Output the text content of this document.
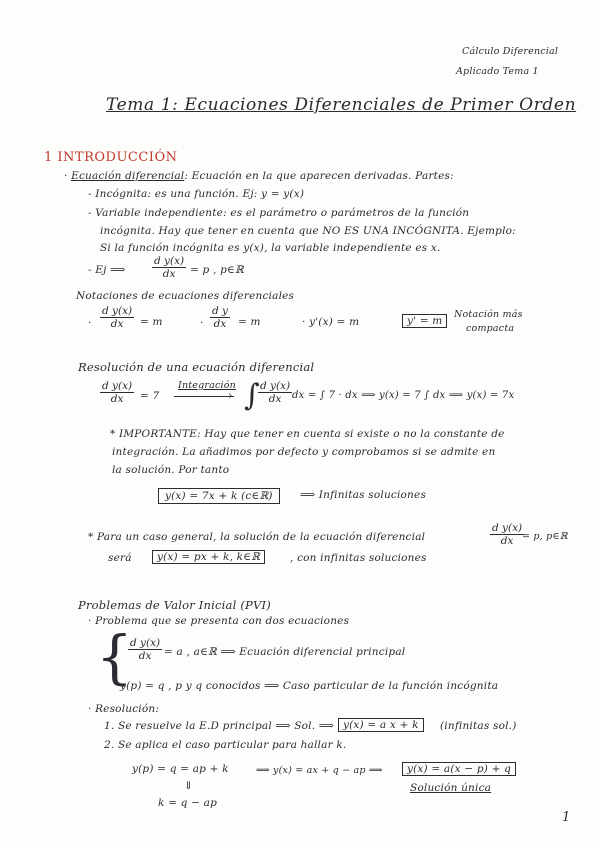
Cálculo Diferencial
Aplicado Tema 1
Tema 1: Ecuaciones Diferenciales de Primer Orden
1 INTRODUCCIÓN
· Ecuación diferencial: Ecuación en la que aparecen derivadas. Partes:
- Incógnita: es una función. Ej: y = y(x)
- Variable independiente: es el parámetro o parámetros de la función
incógnita. Hay que tener en cuenta que NO ES UNA INCÓGNITA. Ejemplo:
Si la función incógnita es y(x), la variable independiente es x.
- Ej ⟹	$\frac{\text{d y(x)}}{dx} = p$ , p∈ℝ
Notaciones de ecuaciones diferenciales
· $\frac{\text{d y(x)}}{dx} = m$	· $\frac{\text{d y}}{dx} = m$	· y'(x) = m	y' = m
Notación más
compacta
Resolución de una ecuación diferencial
$\frac{\text{d y(x)}}{dx} = 7$
Integración
› ∫
$\frac{\text{d y(x)}}{dx}$ dx = ∫ 7 · dx ⟹ y(x) = 7 ∫ dx ⟹ y(x) = 7x
* IMPORTANTE: Hay que tener en cuenta si existe o no la constante de
integración. La añadimos por defecto y comprobamos si se admite en
la solución. Por tanto
y(x) = 7x + k (c∈ℝ)	⟹ Infinitas soluciones
* Para un caso general, la solución de la ecuación diferencial	$\frac{\text{d y(x)}}{dx}$
= p, p∈ℝ
será	y(x) = px + k, k∈ℝ	, con infinitas soluciones
Problemas de Valor Inicial (PVI)
· Problema que se presenta con dos ecuaciones
{
$\frac{\text{d y(x)}}{dx} = a$ , a∈ℝ ⟹ Ecuación diferencial principal
y(p) = q , p y q conocidos ⟹ Caso particular de la función incógnita
· Resolución:
1. Se resuelve la E.D principal ⟹ Sol. ⟹ y(x) = a x + k	(infinitas sol.)
2. Se aplica el caso particular para hallar k.
y(p) = q = ap + k	⟹ y(x) = ax + q − ap ⟹	y(x) = a(x − p) + q
⇓
k = q − ap
Solución única
1
